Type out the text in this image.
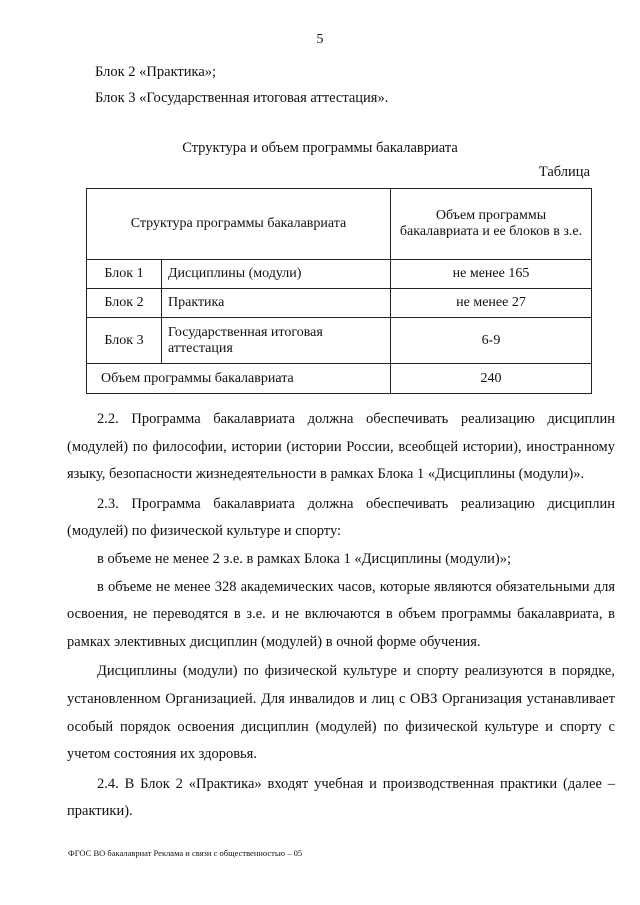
5
Блок 2 «Практика»;
Блок 3 «Государственная итоговая аттестация».
Структура и объем программы бакалавриата
Таблица
Структура программы бакалавриата		Объем программы бакалавриата и ее блоков в з.е.
Блок 1	Дисциплины (модули)	не менее 165
Блок 2	Практика	не менее 27
Блок 3	Государственная итоговая аттестация	6-9
Объем программы бакалавриата		240

2.2. Программа бакалавриата должна обеспечивать реализацию дисциплин (модулей) по философии, истории (истории России, всеобщей истории), иностранному языку, безопасности жизнедеятельности в рамках Блока 1 «Дисциплины (модули)».

2.3. Программа бакалавриата должна обеспечивать реализацию дисциплин (модулей) по физической культуре и спорту:

в объеме не менее 2 з.е. в рамках Блока 1 «Дисциплины (модули)»;

в объеме не менее 328 академических часов, которые являются обязательными для освоения, не переводятся в з.е. и не включаются в объем программы бакалавриата, в рамках элективных дисциплин (модулей) в очной форме обучения.

Дисциплины (модули) по физической культуре и спорту реализуются в порядке, установленном Организацией. Для инвалидов и лиц с ОВЗ Организация устанавливает особый порядок освоения дисциплин (модулей) по физической культуре и спорту с учетом состояния их здоровья.

2.4. В Блок 2 «Практика» входят учебная и производственная практики (далее – практики).

ФГОС ВО бакалавриат Реклама и связи с общественностью – 05
